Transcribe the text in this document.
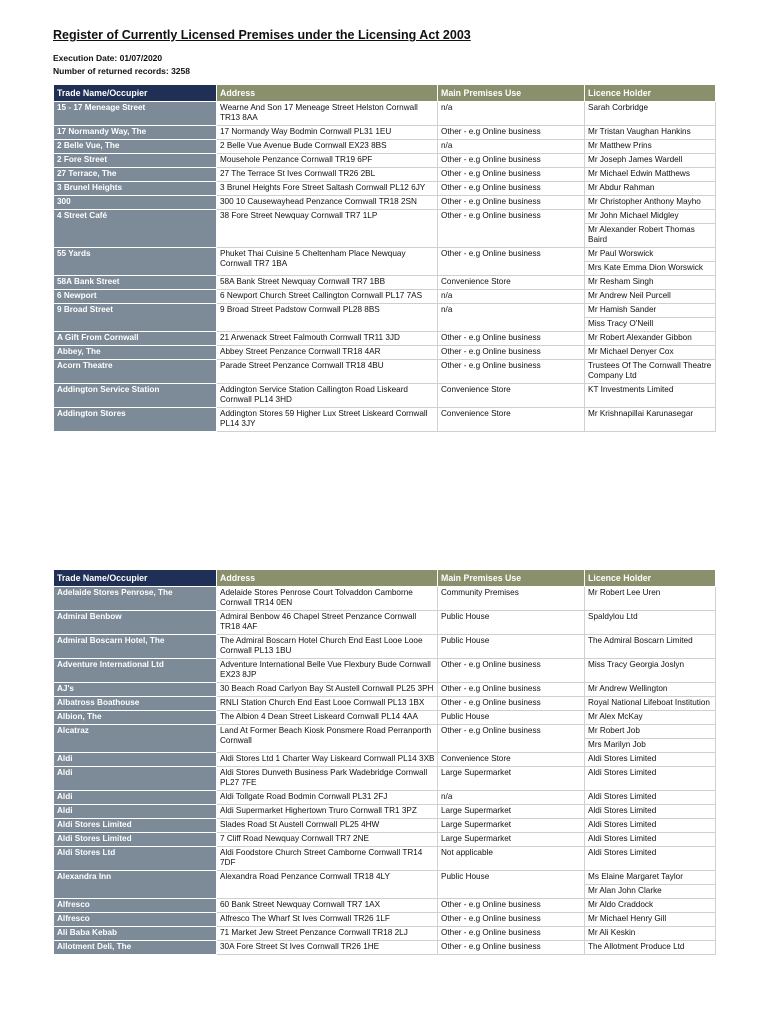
Register of Currently Licensed Premises under the Licensing Act 2003
Execution Date: 01/07/2020
Number of returned records: 3258
Trade Name/Occupier	Address	Main Premises Use	Licence Holder
15 - 17 Meneage Street	Wearne And Son 17 Meneage Street Helston Cornwall TR13 8AA	n/a	Sarah Corbridge
17 Normandy Way, The	17 Normandy Way Bodmin Cornwall PL31 1EU	Other - e.g Online business	Mr Tristan Vaughan Hankins
2 Belle Vue, The	2 Belle Vue Avenue Bude Cornwall EX23 8BS	n/a	Mr Matthew Prins
2 Fore Street	Mousehole Penzance Cornwall TR19 6PF	Other - e.g Online business	Mr Joseph James Wardell
27 Terrace, The	27 The Terrace St Ives Cornwall TR26 2BL	Other - e.g Online business	Mr Michael Edwin Matthews
3 Brunel Heights	3 Brunel Heights Fore Street Saltash Cornwall PL12 6JY	Other - e.g Online business	Mr Abdur Rahman
300	300 10 Causewayhead Penzance Cornwall TR18 2SN	Other - e.g Online business	Mr Christopher Anthony Mayho
4 Street Café	38 Fore Street Newquay Cornwall TR7 1LP	Other - e.g Online business	Mr John Michael Midgley
			Mr Alexander Robert Thomas Baird
55 Yards	Phuket Thai Cuisine 5 Cheltenham Place Newquay Cornwall TR7 1BA	Other - e.g Online business	Mr Paul Worswick
			Mrs Kate Emma Dion Worswick
58A Bank Street	58A Bank Street Newquay Cornwall TR7 1BB	Convenience Store	Mr Resham Singh
6 Newport	6 Newport Church Street Callington Cornwall PL17 7AS	n/a	Mr Andrew Neil Purcell
9 Broad Street	9 Broad Street Padstow Cornwall PL28 8BS	n/a	Mr Hamish Sander
			Miss Tracy O'Neill
A Gift From Cornwall	21 Arwenack Street Falmouth Cornwall TR11 3JD	Other - e.g Online business	Mr Robert Alexander Gibbon
Abbey, The	Abbey Street Penzance Cornwall TR18 4AR	Other - e.g Online business	Mr Michael Denyer Cox
Acorn Theatre	Parade Street Penzance Cornwall TR18 4BU	Other - e.g Online business	Trustees Of The Cornwall Theatre Company Ltd
Addington Service Station	Addington Service Station Callington Road Liskeard Cornwall PL14 3HD	Convenience Store	KT Investments Limited
Addington Stores	Addington Stores 59 Higher Lux Street Liskeard Cornwall PL14 3JY	Convenience Store	Mr Krishnapillai Karunasegar
Trade Name/Occupier	Address	Main Premises Use	Licence Holder
Adelaide Stores Penrose, The	Adelaide Stores Penrose Court Tolvaddon Camborne Cornwall TR14 0EN	Community Premises	Mr Robert Lee Uren
Admiral Benbow	Admiral Benbow 46 Chapel Street Penzance Cornwall TR18 4AF	Public House	Spaldylou Ltd
Admiral Boscarn Hotel, The	The Admiral Boscarn Hotel Church End East Looe Looe Cornwall PL13 1BU	Public House	The Admiral Boscarn Limited
Adventure International Ltd	Adventure International Belle Vue Flexbury Bude Cornwall EX23 8JP	Other - e.g Online business	Miss Tracy Georgia Joslyn
AJ's	30 Beach Road Carlyon Bay St Austell Cornwall PL25 3PH	Other - e.g Online business	Mr Andrew Wellington
Albatross Boathouse	RNLI Station Church End East Looe Cornwall PL13 1BX	Other - e.g Online business	Royal National Lifeboat Institution
Albion, The	The Albion 4 Dean Street Liskeard Cornwall PL14 4AA	Public House	Mr Alex McKay
Alcatraz	Land At Former Beach Kiosk Ponsmere Road Perranporth Cornwall	Other - e.g Online business	Mr Robert Job
			Mrs Marilyn Job
Aldi	Aldi Stores Ltd 1 Charter Way Liskeard Cornwall PL14 3XB	Convenience Store	Aldi Stores Limited
Aldi	Aldi Stores Dunveth Business Park Wadebridge Cornwall PL27 7FE	Large Supermarket	Aldi Stores Limited
Aldi	Aldi Tollgate Road Bodmin Cornwall PL31 2FJ	n/a	Aldi Stores Limited
Aldi	Aldi Supermarket Highertown Truro Cornwall TR1 3PZ	Large Supermarket	Aldi Stores Limited
Aldi Stores Limited	Slades Road St Austell Cornwall PL25 4HW	Large Supermarket	Aldi Stores Limited
Aldi Stores Limited	7 Cliff Road Newquay Cornwall TR7 2NE	Large Supermarket	Aldi Stores Limited
Aldi Stores Ltd	Aldi Foodstore Church Street Camborne Cornwall TR14 7DF	Not applicable	Aldi Stores Limited
Alexandra Inn	Alexandra Road Penzance Cornwall TR18 4LY	Public House	Ms Elaine Margaret Taylor
			Mr Alan John Clarke
Alfresco	60 Bank Street Newquay Cornwall TR7 1AX	Other - e.g Online business	Mr Aldo Craddock
Alfresco	Alfresco The Wharf St Ives Cornwall TR26 1LF	Other - e.g Online business	Mr Michael Henry Gill
Ali Baba Kebab	71 Market Jew Street Penzance Cornwall TR18 2LJ	Other - e.g Online business	Mr Ali Keskin
Allotment Deli, The	30A Fore Street St Ives Cornwall TR26 1HE	Other - e.g Online business	The Allotment Produce Ltd
